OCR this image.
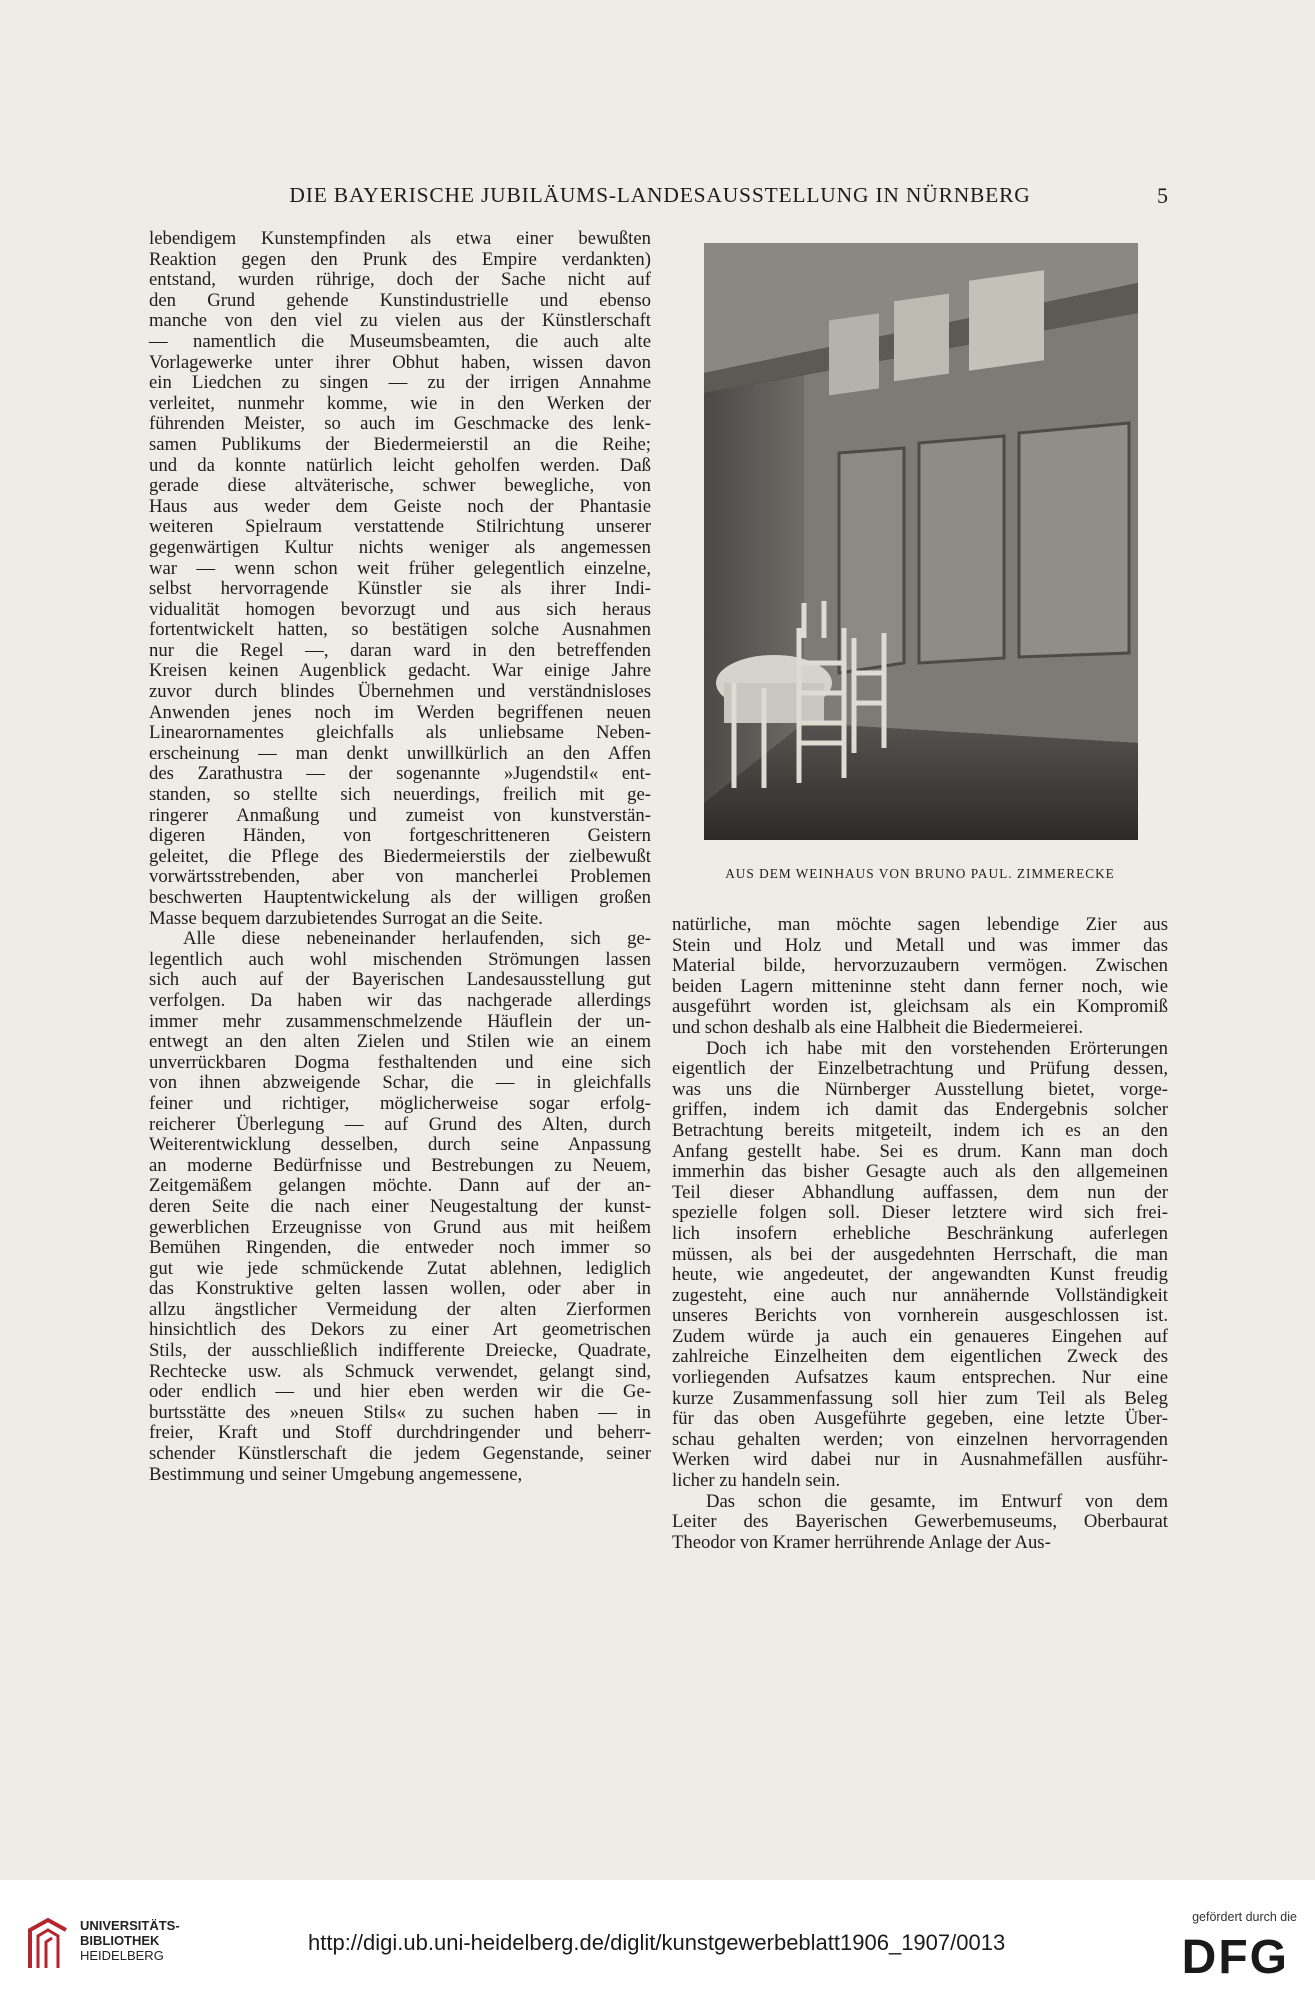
DIE BAYERISCHE JUBILÄUMS-LANDESAUSSTELLUNG IN NÜRNBERG	5
lebendigem Kunstempfinden als etwa einer bewußten
Reaktion gegen den Prunk des Empire verdankten)
entstand, wurden rührige, doch der Sache nicht auf
den Grund gehende Kunstindustrielle und ebenso
manche von den viel zu vielen aus der Künstlerschaft
— namentlich die Museumsbeamten, die auch alte
Vorlagewerke unter ihrer Obhut haben, wissen davon
ein Liedchen zu singen — zu der irrigen Annahme
verleitet, nunmehr komme, wie in den Werken der
führenden Meister, so auch im Geschmacke des lenk-
samen Publikums der Biedermeierstil an die Reihe;
und da konnte natürlich leicht geholfen werden. Daß
gerade diese altväterische, schwer bewegliche, von
Haus aus weder dem Geiste noch der Phantasie
weiteren Spielraum verstattende Stilrichtung unserer
gegenwärtigen Kultur nichts weniger als angemessen
war — wenn schon weit früher gelegentlich einzelne,
selbst hervorragende Künstler sie als ihrer Indi-
vidualität homogen bevorzugt und aus sich heraus
fortentwickelt hatten, so bestätigen solche Ausnahmen
nur die Regel —, daran ward in den betreffenden
Kreisen keinen Augenblick gedacht. War einige Jahre
zuvor durch blindes Übernehmen und verständnisloses
Anwenden jenes noch im Werden begriffenen neuen
Linearornamentes gleichfalls als unliebsame Neben-
erscheinung — man denkt unwillkürlich an den Affen
des Zarathustra — der sogenannte »Jugendstil« ent-
standen, so stellte sich neuerdings, freilich mit ge-
ringerer Anmaßung und zumeist von kunstverstän-
digeren Händen, von fortgeschritteneren Geistern
geleitet, die Pflege des Biedermeierstils der zielbewußt
vorwärtsstrebenden, aber von mancherlei Problemen
beschwerten Hauptentwickelung als der willigen großen
Masse bequem darzubietendes Surrogat an die Seite.
Alle diese nebeneinander herlaufenden, sich ge-
legentlich auch wohl mischenden Strömungen lassen
sich auch auf der Bayerischen Landesausstellung gut
verfolgen. Da haben wir das nachgerade allerdings
immer mehr zusammenschmelzende Häuflein der un-
entwegt an den alten Zielen und Stilen wie an einem
unverrückbaren Dogma festhaltenden und eine sich
von ihnen abzweigende Schar, die — in gleichfalls
feiner und richtiger, möglicherweise sogar erfolg-
reicherer Überlegung — auf Grund des Alten, durch
Weiterentwicklung desselben, durch seine Anpassung
an moderne Bedürfnisse und Bestrebungen zu Neuem,
Zeitgemäßem gelangen möchte. Dann auf der an-
deren Seite die nach einer Neugestaltung der kunst-
gewerblichen Erzeugnisse von Grund aus mit heißem
Bemühen Ringenden, die entweder noch immer so
gut wie jede schmückende Zutat ablehnen, lediglich
das Konstruktive gelten lassen wollen, oder aber in
allzu ängstlicher Vermeidung der alten Zierformen
hinsichtlich des Dekors zu einer Art geometrischen
Stils, der ausschließlich indifferente Dreiecke, Quadrate,
Rechtecke usw. als Schmuck verwendet, gelangt sind,
oder endlich — und hier eben werden wir die Ge-
burtsstätte des »neuen Stils« zu suchen haben — in
freier, Kraft und Stoff durchdringender und beherr-
schender Künstlerschaft die jedem Gegenstande, seiner
Bestimmung und seiner Umgebung angemessene,
AUS DEM WEINHAUS VON BRUNO PAUL. ZIMMERECKE
natürliche, man möchte sagen lebendige Zier aus
Stein und Holz und Metall und was immer das
Material bilde, hervorzuzaubern vermögen. Zwischen
beiden Lagern mitteninne steht dann ferner noch, wie
ausgeführt worden ist, gleichsam als ein Kompromiß
und schon deshalb als eine Halbheit die Biedermeierei.
Doch ich habe mit den vorstehenden Erörterungen
eigentlich der Einzelbetrachtung und Prüfung dessen,
was uns die Nürnberger Ausstellung bietet, vorge-
griffen, indem ich damit das Endergebnis solcher
Betrachtung bereits mitgeteilt, indem ich es an den
Anfang gestellt habe. Sei es drum. Kann man doch
immerhin das bisher Gesagte auch als den allgemeinen
Teil dieser Abhandlung auffassen, dem nun der
spezielle folgen soll. Dieser letztere wird sich frei-
lich insofern erhebliche Beschränkung auferlegen
müssen, als bei der ausgedehnten Herrschaft, die man
heute, wie angedeutet, der angewandten Kunst freudig
zugesteht, eine auch nur annähernde Vollständigkeit
unseres Berichts von vornherein ausgeschlossen ist.
Zudem würde ja auch ein genaueres Eingehen auf
zahlreiche Einzelheiten dem eigentlichen Zweck des
vorliegenden Aufsatzes kaum entsprechen. Nur eine
kurze Zusammenfassung soll hier zum Teil als Beleg
für das oben Ausgeführte gegeben, eine letzte Über-
schau gehalten werden; von einzelnen hervorragenden
Werken wird dabei nur in Ausnahmefällen ausführ-
licher zu handeln sein.
Das schon die gesamte, im Entwurf von dem
Leiter des Bayerischen Gewerbemuseums, Oberbaurat
Theodor von Kramer herrührende Anlage der Aus-
UNIVERSITÄTS-
BIBLIOTHEK
HEIDELBERG
http://digi.ub.uni-heidelberg.de/diglit/kunstgewerbeblatt1906_1907/0013
gefördert durch die
DFG
